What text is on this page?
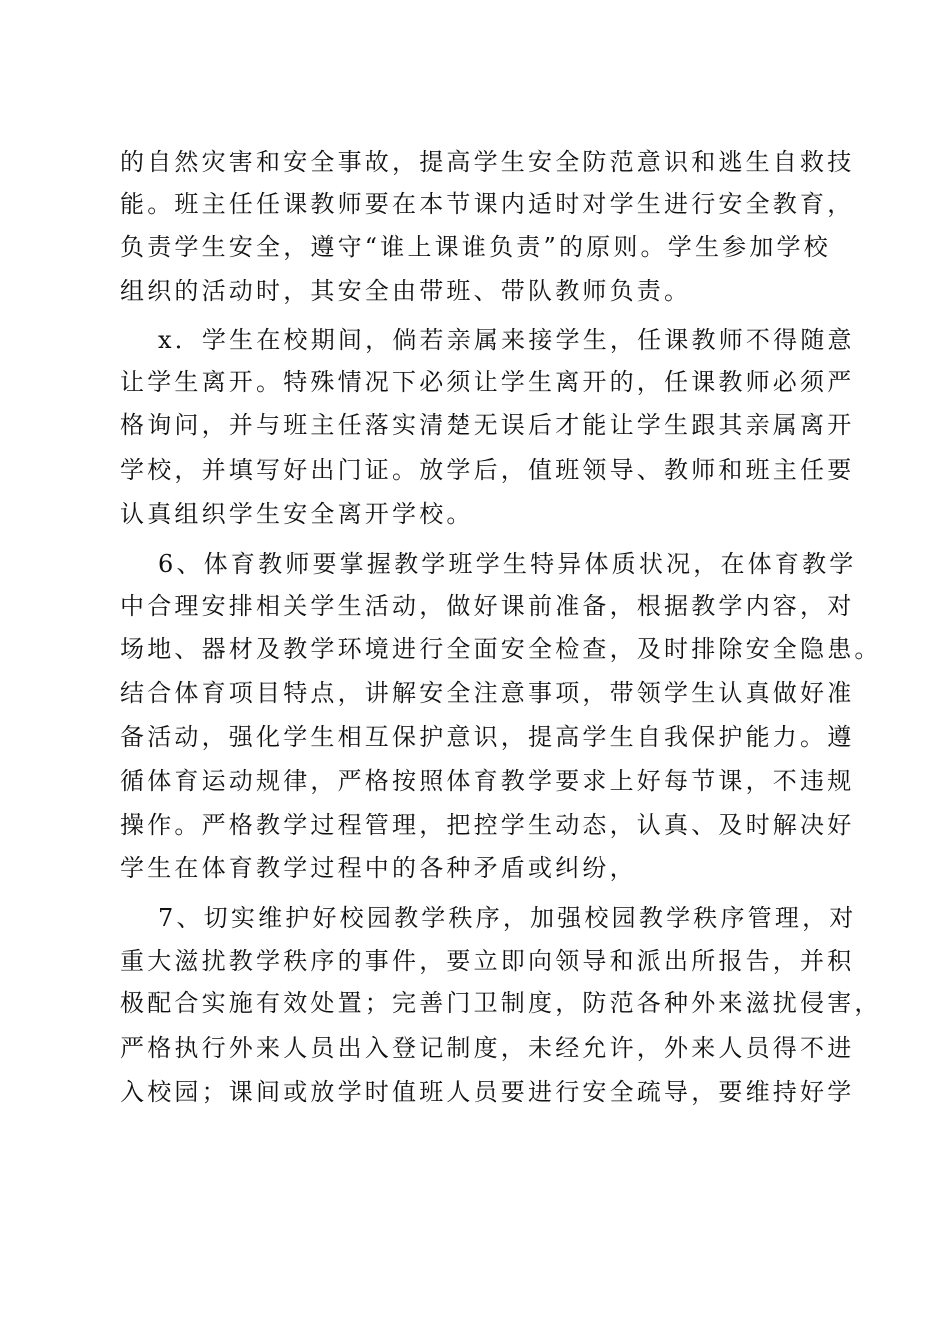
的自然灾害和安全事故，提高学生安全防范意识和逃生自救技
能。班主任任课教师要在本节课内适时对学生进行安全教育，
负责学生安全，遵守“谁上课谁负责”的原则。学生参加学校
组织的活动时，其安全由带班、带队教师负责。
x．学生在校期间，倘若亲属来接学生，任课教师不得随意
让学生离开。特殊情况下必须让学生离开的，任课教师必须严
格询问，并与班主任落实清楚无误后才能让学生跟其亲属离开
学校，并填写好出门证。放学后，值班领导、教师和班主任要
认真组织学生安全离开学校。
6、体育教师要掌握教学班学生特异体质状况，在体育教学
中合理安排相关学生活动，做好课前准备，根据教学内容，对
场地、器材及教学环境进行全面安全检查，及时排除安全隐患。
结合体育项目特点，讲解安全注意事项，带领学生认真做好准
备活动，强化学生相互保护意识，提高学生自我保护能力。遵
循体育运动规律，严格按照体育教学要求上好每节课，不违规
操作。严格教学过程管理，把控学生动态，认真、及时解决好
学生在体育教学过程中的各种矛盾或纠纷，
7、切实维护好校园教学秩序，加强校园教学秩序管理，对
重大滋扰教学秩序的事件，要立即向领导和派出所报告，并积
极配合实施有效处置；完善门卫制度，防范各种外来滋扰侵害，
严格执行外来人员出入登记制度，未经允许，外来人员得不进
入校园；课间或放学时值班人员要进行安全疏导，要维持好学
